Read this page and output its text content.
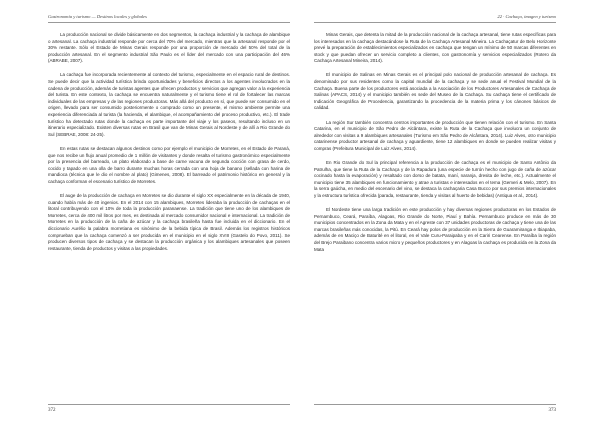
Gastronomía y turismo — Destinos locales y globales

La producción nacional se divide básicamente en dos segmentos, la cachaça industrial y la cachaça de alambique o artesanal. La cachaça industrial responde por cerca del 70% del mercado, mientras que la artesanal responde por el 30% restante. Sólo el Estado de Minas Gerais responde por una proporción de mercado del 50% del total de la producción artesanal. En el segmento industrial São Paulo es el líder del mercado con una participación del 46% (ABRABE, 2007).

La cachaça fue incorporada recientemente al contexto del turismo, especialmente en el espacio rural de destinos. Se puede decir que la actividad turística brinda oportunidades y beneficios directos a los agentes involucrados en la cadena de producción, además de turistas agentes que ofrecen productos y servicios que agregan valor a la experiencia del turista. En este contexto, la cachaça se encuentra naturalmente y el turismo tiene el rol de fortalecer las marcas individuales de las empresas y de las regiones productoras. Más allá del producto en sí, que puede ser consumido en el origen, llevado para ser consumido posteriormente o comprado como un presente, el mismo ambiente permite una experiencia diferenciada al turista (la hacienda, el alambique, el acompañamiento del proceso productivo, etc.). El trade turístico ha detectado rutas donde la cachaça es parte importante del viaje y los paseos, resultando incluso en un itinerario especializado. Existen diversas rutas en Brasil que van de Minas Gerais al Nordeste y de allí a Rio Grande do Sul (SEBRAE, 2008: 24-25).

En estas rutas se destacan algunos destinos como por ejemplo el municipio de Morretes, en el Estado de Paraná, que nos recibe un flujo anual promedio de 1 millón de visitantes y donde resalta el turismo gastronómico especialmente por la presencia del barreado, un plato elaborado a base de carne vacuna de segunda cocción con grasa de cerdo, cocido y tapado en una olla de barro durante muchas horas cerrada con una hoja de banano (sellada con harina de mandioca (técnica que le dio el nombre al plato) (Gimenes, 2008). El barreado el patrimonio histórico en general y la cachaça conforman el escenario turístico de Morretes.

El auge de la producción de cachaça en Morretes se dio durante el siglo XX especialmente en la década de 1940, cuando había más de 40 ingenios. En el 2014 con 15 alambiques, Morretes lideraba la producción de cachaças en el litoral contribuyendo con el 10% de toda la producción paranaense. La tradición que tiene uno de los alambiques de Morretes, cerca de 400 mil litros por mes, es destinada al mercado consumidor nacional e internacional. La tradición de Morretes en la producción de la caña de azúcar y la cachaça brasileña hasta fue incluida en el diccionario. En el diccionario Aurélio la palabra morretiana es sinónimo de la bebida típica de Brasil. Además los registros históricos comprueban que la cachaça comenzó a ser producida en el municipio en el siglo XVIII (Gastelo do Povo, 2011). Se producen diversos tipos de cachaça y se destacan la producción orgánica y los alambiques artesanales que poseen restaurante, tienda de productos y visitas a las propiedades.

372
22 · Cachaça, imagen y turismo

Minas Gerais, que detenta la mitad de la producción nacional de la cachaça artesanal, tiene rutas específicas para los interesados en la cachaça destacándose la Ruta de la Cachaça Artesanal Mineira. La Cachaçatur de Belo Horizonte prevé la preparación de establecimientos especializados en cachaça que tengan un mínimo de 50 marcas diferentes en stock y que puedan ofrecer un servicio completo a clientes, con gastronomía y servicios especializados (Rotero da Cachaça Artesanal Mineira, 2014).

El municipio de Salinas en Minas Gerais es el principal polo nacional de producción artesanal de cachaça. Es denominado por sus residentes como la capital mundial de la cachaça y se sede anual el Festival Mundial de la Cachaça. Buena parte de los productores está asociada a la Asociación de los Productores Artesanales de Cachaça de Salinas (APACS, 2014) y el municipio también es sede del Museo de la Cachaça. Su cachaça tiene el certificado de Indicación Geográfica de Procedencia, garantizando la procedencia de la materia prima y los cánones básicos de calidad.

La región Sur también concentra centros importantes de producción que tienen relación con el turismo. En Santa Catarina, en el municipio de São Pedro de Alcântara, existe la Ruta de la Cachaça que involucra un conjunto de alrededor con visitas a 9 alambiques artesanales (Turismo em São Pedro de Alcântara, 2014). Luiz Alves, otro municipio catarinense productor artesanal de cachaça y aguardiente, tiene 12 alambiques en donde se pueden realizar visitas y compras (Prefeitura Municipal de Luiz Alves, 2014).

En Rio Grande do Sul la principal referencia a la producción de cachaça es el municipio de Santo Antônio da Patrulha, que tiene la Ruta de la Cachaça y de la Rapadura (una especie de turrón hecho con jugo de caña de azúcar cocinado hasta la evaporación) y resaltado con dorso de batata, maní, naranja, dresita de leche, etc.). Actualmente el municipio tiene 35 alambiques en funcionamiento y atrae a turistas e interesados en el tema (Gemeri & Melo, 2007). En la serra gaúcha, en medio del escenario del vino, se destaca la cachaçaria Casa Bucco por sus premios internacionales y la estructura turística ofrecida (parada, restaurante, tienda y visitas al huerto de bebidas) (Antiqua et al., 2014).

El Nordeste tiene una larga tradición en este producción y hay diversas regiones productoras en los Estados de Pernambuco, Ceará, Paraíba, Alagoas, Rio Grande do Norte, Piauí y Bahía. Pernambuco produce en más de 30 municipios concentrados en la Zona da Mata y en el Agreste con 37 unidades productoras de cachaça y tiene una de las marcas brasileñas más conocidas, la Pitú. En Ceará hay polos de producción en la Sierra de Guaramiranga e Ibiapaba, además de en Maciço de Baturité en el litoral, en el Vale Curu-Paraipaba y en el Cariri Cearense. En Paraíba la región del Brejo Paraibano concentra varios micro y pequeños productores y en Alagoas la cachaça es producida en la Zona da Mata

373
